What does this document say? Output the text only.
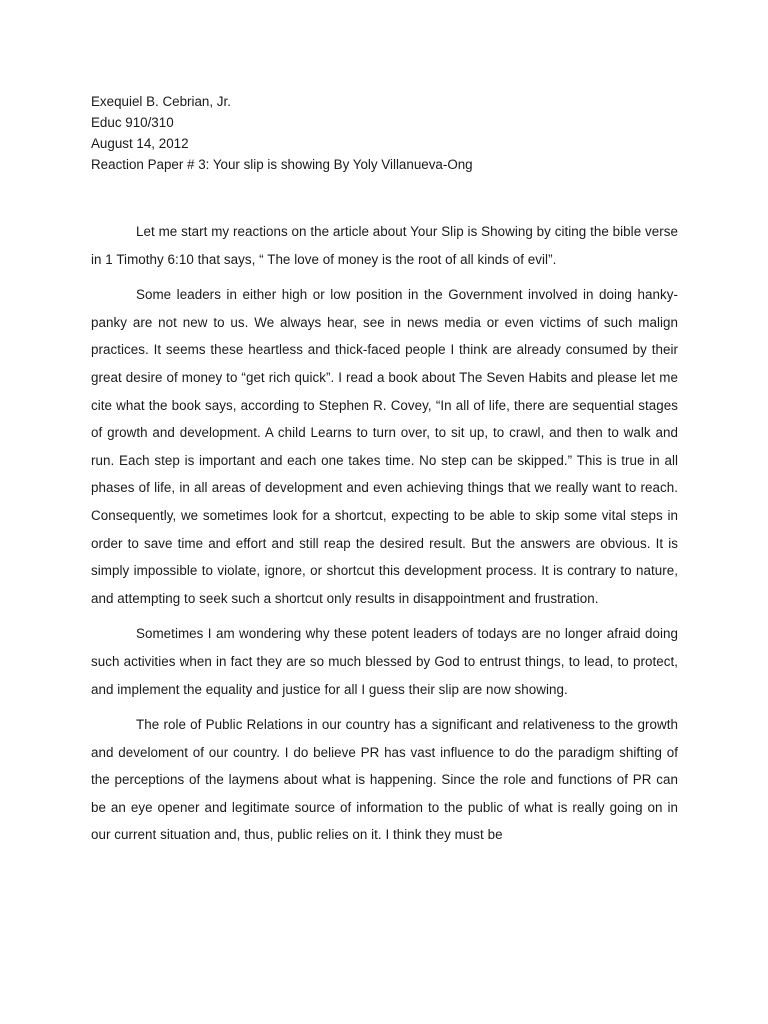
Exequiel B. Cebrian, Jr.
Educ 910/310
August 14, 2012
Reaction Paper # 3: Your slip is showing By Yoly Villanueva-Ong

Let me start my reactions on the article about Your Slip is Showing by citing the bible verse in 1 Timothy 6:10 that says, “ The love of money is the root of all kinds of evil”.

Some leaders in either high or low position in the Government involved in doing hanky-panky are not new to us. We always hear, see in news media or even victims of such malign practices. It seems these heartless and thick-faced people I think are already consumed by their great desire of money to “get rich quick”. I read a book about The Seven Habits and please let me cite what the book says, according to Stephen R. Covey, “In all of life, there are sequential stages of growth and development. A child Learns to turn over, to sit up, to crawl, and then to walk and run. Each step is important and each one takes time. No step can be skipped.” This is true in all phases of life, in all areas of development and even achieving things that we really want to reach. Consequently, we sometimes look for a shortcut, expecting to be able to skip some vital steps in order to save time and effort and still reap the desired result. But the answers are obvious. It is simply impossible to violate, ignore, or shortcut this development process. It is contrary to nature, and attempting to seek such a shortcut only results in disappointment and frustration.

Sometimes I am wondering why these potent leaders of todays are no longer afraid doing such activities when in fact they are so much blessed by God to entrust things, to lead, to protect, and implement the equality and justice for all I guess their slip are now showing.

The role of Public Relations in our country has a significant and relativeness to the growth and develoment of our country. I do believe PR has vast influence to do the paradigm shifting of the perceptions of the laymens about what is happening. Since the role and functions of PR can be an eye opener and legitimate source of information to the public of what is really going on in our current situation and, thus, public relies on it. I think they must be
